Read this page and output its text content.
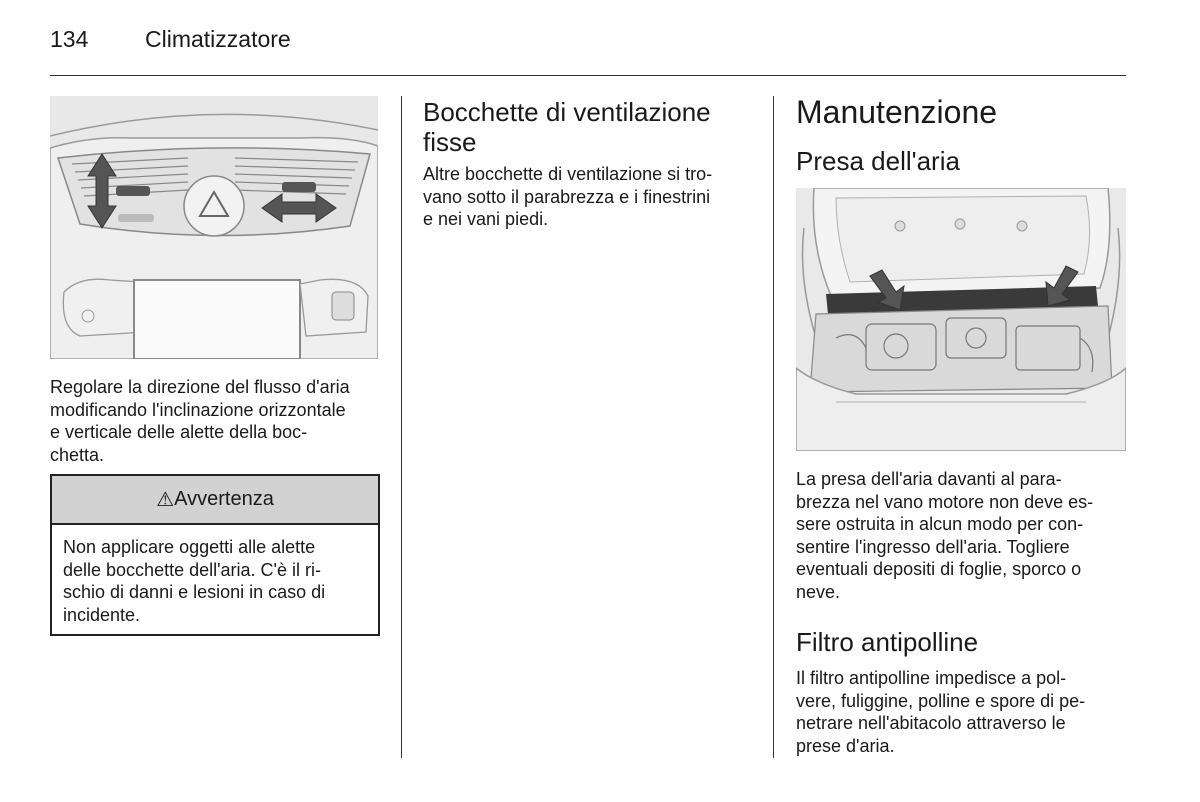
134 Climatizzatore

Regolare la direzione del flusso d'aria
modificando l'inclinazione orizzontale
e verticale delle alette della boc-
chetta.

⚠ Avvertenza

Non applicare oggetti alle alette
delle bocchette dell'aria. C'è il ri-
schio di danni e lesioni in caso di
incidente.

Bocchette di ventilazione
fisse

Altre bocchette di ventilazione si tro-
vano sotto il parabrezza e i finestrini
e nei vani piedi.

Manutenzione
Presa dell'aria

La presa dell'aria davanti al para-
brezza nel vano motore non deve es-
sere ostruita in alcun modo per con-
sentire l'ingresso dell'aria. Togliere
eventuali depositi di foglie, sporco o
neve.

Filtro antipolline

Il filtro antipolline impedisce a pol-
vere, fuliggine, polline e spore di pe-
netrare nell'abitacolo attraverso le
prese d'aria.
